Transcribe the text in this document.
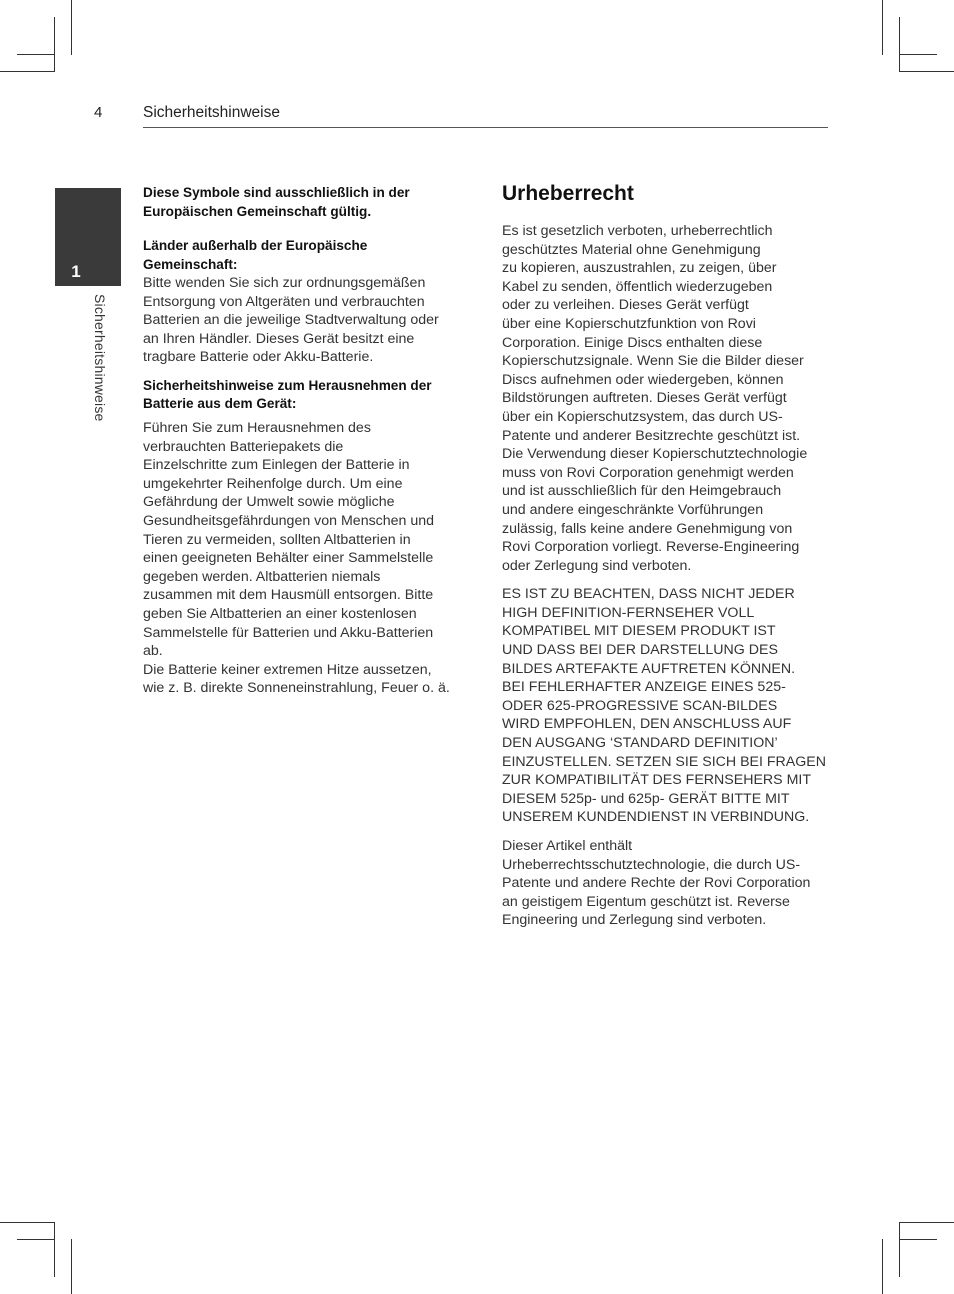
4	Sicherheitshinweise
1
Sicherheitshinweise

Diese Symbole sind ausschließlich in der
Europäischen Gemeinschaft gültig.

Länder außerhalb der Europäische
Gemeinschaft:

Bitte wenden Sie sich zur ordnungsgemäßen
Entsorgung von Altgeräten und verbrauchten
Batterien an die jeweilige Stadtverwaltung oder
an Ihren Händler. Dieses Gerät besitzt eine
tragbare Batterie oder Akku-Batterie.

Sicherheitshinweise zum Herausnehmen der
Batterie aus dem Gerät:

Führen Sie zum Herausnehmen des
verbrauchten Batteriepakets die
Einzelschritte zum Einlegen der Batterie in
umgekehrter Reihenfolge durch. Um eine
Gefährdung der Umwelt sowie mögliche
Gesundheitsgefährdungen von Menschen und
Tieren zu vermeiden, sollten Altbatterien in
einen geeigneten Behälter einer Sammelstelle
gegeben werden. Altbatterien niemals
zusammen mit dem Hausmüll entsorgen. Bitte
geben Sie Altbatterien an einer kostenlosen
Sammelstelle für Batterien und Akku-Batterien
ab.
Die Batterie keiner extremen Hitze aussetzen,
wie z. B. direkte Sonneneinstrahlung, Feuer o. ä.

Urheberrecht

Es ist gesetzlich verboten, urheberrechtlich
geschütztes Material ohne Genehmigung
zu kopieren, auszustrahlen, zu zeigen, über
Kabel zu senden, öffentlich wiederzugeben
oder zu verleihen. Dieses Gerät verfügt
über eine Kopierschutzfunktion von Rovi
Corporation. Einige Discs enthalten diese
Kopierschutzsignale. Wenn Sie die Bilder dieser
Discs aufnehmen oder wiedergeben, können
Bildstörungen auftreten. Dieses Gerät verfügt
über ein Kopierschutzsystem, das durch US-
Patente und anderer Besitzrechte geschützt ist.
Die Verwendung dieser Kopierschutztechnologie
muss von Rovi Corporation genehmigt werden
und ist ausschließlich für den Heimgebrauch
und andere eingeschränkte Vorführungen
zulässig, falls keine andere Genehmigung von
Rovi Corporation vorliegt. Reverse-Engineering
oder Zerlegung sind verboten.

ES IST ZU BEACHTEN, DASS NICHT JEDER
HIGH DEFINITION-FERNSEHER VOLL
KOMPATIBEL MIT DIESEM PRODUKT IST
UND DASS BEI DER DARSTELLUNG DES
BILDES ARTEFAKTE AUFTRETEN KÖNNEN.
BEI FEHLERHAFTER ANZEIGE EINES 525-
ODER 625-PROGRESSIVE SCAN-BILDES
WIRD EMPFOHLEN, DEN ANSCHLUSS AUF
DEN AUSGANG ‘STANDARD DEFINITION’
EINZUSTELLEN. SETZEN SIE SICH BEI FRAGEN
ZUR KOMPATIBILITÄT DES FERNSEHERS MIT
DIESEM 525p- und 625p- GERÄT BITTE MIT
UNSEREM KUNDENDIENST IN VERBINDUNG.

Dieser Artikel enthält
Urheberrechtsschutztechnologie, die durch US-
Patente und andere Rechte der Rovi Corporation
an geistigem Eigentum geschützt ist. Reverse
Engineering und Zerlegung sind verboten.
